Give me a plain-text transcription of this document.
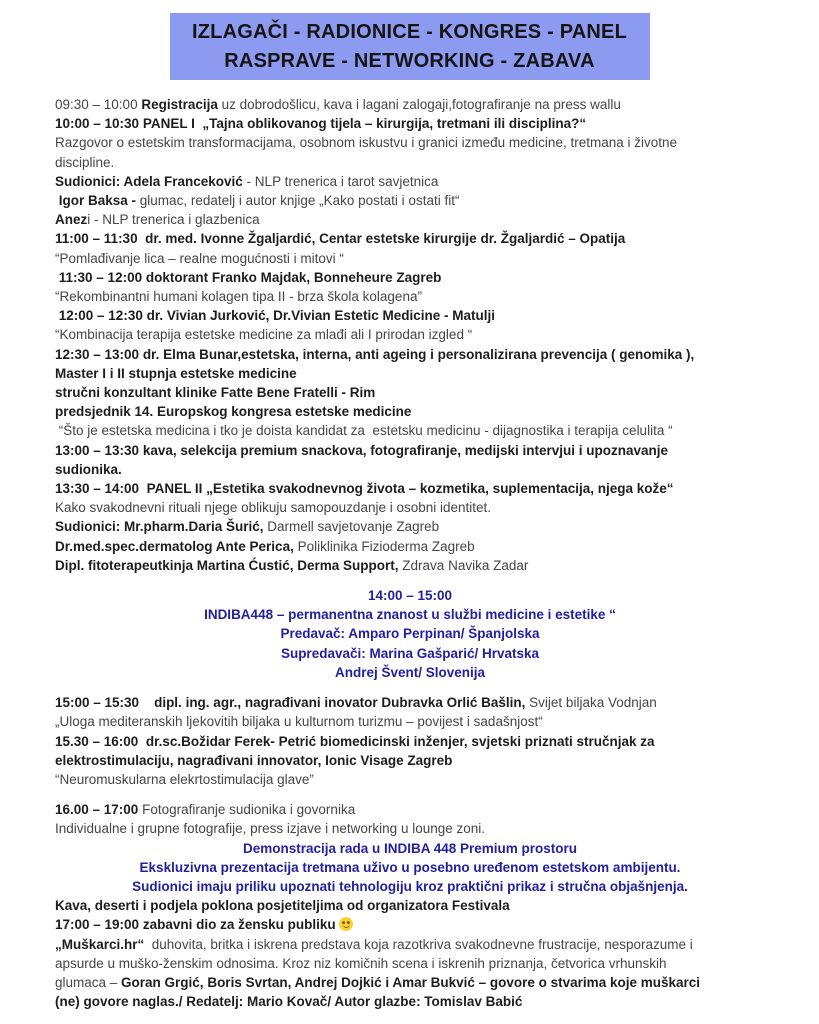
IZLAGAČI - RADIONICE - KONGRES - PANEL
RASPRAVE - NETWORKING - ZABAVA
09:30 – 10:00 Registracija uz dobrodošlicu, kava i lagani zalogaji,fotografiranje na press wallu
10:00 – 10:30 PANEL I  „Tajna oblikovanog tijela – kirurgija, tretmani ili disciplina?“
Razgovor o estetskim transformacijama, osobnom iskustvu i granici između medicine, tretmana i životne
discipline.
Sudionici: Adela Franceković - NLP trenerica i tarot savjetnica
Igor Baksa - glumac, redatelj i autor knjige „Kako postati i ostati fit“
Anezi - NLP trenerica i glazbenica
11:00 – 11:30  dr. med. Ivonne Žgaljardić, Centar estetske kirurgije dr. Žgaljardić – Opatija
“Pomlađivanje lica – realne mogućnosti i mitovi “
11:30 – 12:00 doktorant Franko Majdak, Bonneheure Zagreb
“Rekombinantni humani kolagen tipa II - brza škola kolagena”
12:00 – 12:30 dr. Vivian Jurković, Dr.Vivian Estetic Medicine - Matulji
“Kombinacija terapija estetske medicine za mlađi ali I prirodan izgled “
12:30 – 13:00 dr. Elma Bunar,estetska, interna, anti ageing i personalizirana prevencija ( genomika ),
Master I i II stupnja estetske medicine
stručni konzultant klinike Fatte Bene Fratelli - Rim
predsjednik 14. Europskog kongresa estetske medicine
“Što je estetska medicina i tko je doista kandidat za  estetsku medicinu - dijagnostika i terapija celulita “
13:00 – 13:30 kava, selekcija premium snackova, fotografiranje, medijski intervjui i upoznavanje
sudionika.
13:30 – 14:00  PANEL II „Estetika svakodnevnog života – kozmetika, suplementacija, njega kože“
Kako svakodnevni rituali njege oblikuju samopouzdanje i osobni identitet.
Sudionici: Mr.pharm.Daria Šurić, Darmell savjetovanje Zagreb
Dr.med.spec.dermatolog Ante Perica, Poliklinika Fizioderma Zagreb
Dipl. fitoterapeutkinja Martina Ćustić, Derma Support, Zdrava Navika Zadar
14:00 – 15:00
INDIBA448 – permanentna znanost u službi medicine i estetike “
Predavač: Amparo Perpinan/ Španjolska
Supredavači: Marina Gašparić/ Hrvatska
Andrej Švent/ Slovenija
15:00 – 15:30    dipl. ing. agr., nagrađivani inovator Dubravka Orlić Bašlin, Svijet biljaka Vodnjan
„Uloga mediteranskih ljekovitih biljaka u kulturnom turizmu – povijest i sadašnjost“
15.30 – 16:00  dr.sc.Božidar Ferek- Petrić biomedicinski inženjer, svjetski priznati stručnjak za
elektrostimulaciju, nagrađivani innovator, Ionic Visage Zagreb
“Neuromuskularna elekrtostimulacija glave”
16.00 – 17:00 Fotografiranje sudionika i govornika
Individualne i grupne fotografije, press izjave i networking u lounge zoni.
Demonstracija rada u INDIBA 448 Premium prostoru
Ekskluzivna prezentacija tretmana uživo u posebno uređenom estetskom ambijentu.
Sudionici imaju priliku upoznati tehnologiju kroz praktični prikaz i stručna objašnjenja.
Kava, deserti i podjela poklona posjetiteljima od organizatora Festivala
17:00 – 19:00 zabavni dio za žensku publiku
„Muškarci.hr“  duhovita, britka i iskrena predstava koja razotkriva svakodnevne frustracije, nesporazume i
apsurde u muško-ženskim odnosima. Kroz niz komičnih scena i iskrenih priznanja, četvorica vrhunskih
glumaca – Goran Grgić, Boris Svrtan, Andrej Dojkić i Amar Bukvić – govore o stvarima koje muškarci
(ne) govore naglas./ Redatelj: Mario Kovač/ Autor glazbe: Tomislav Babić
